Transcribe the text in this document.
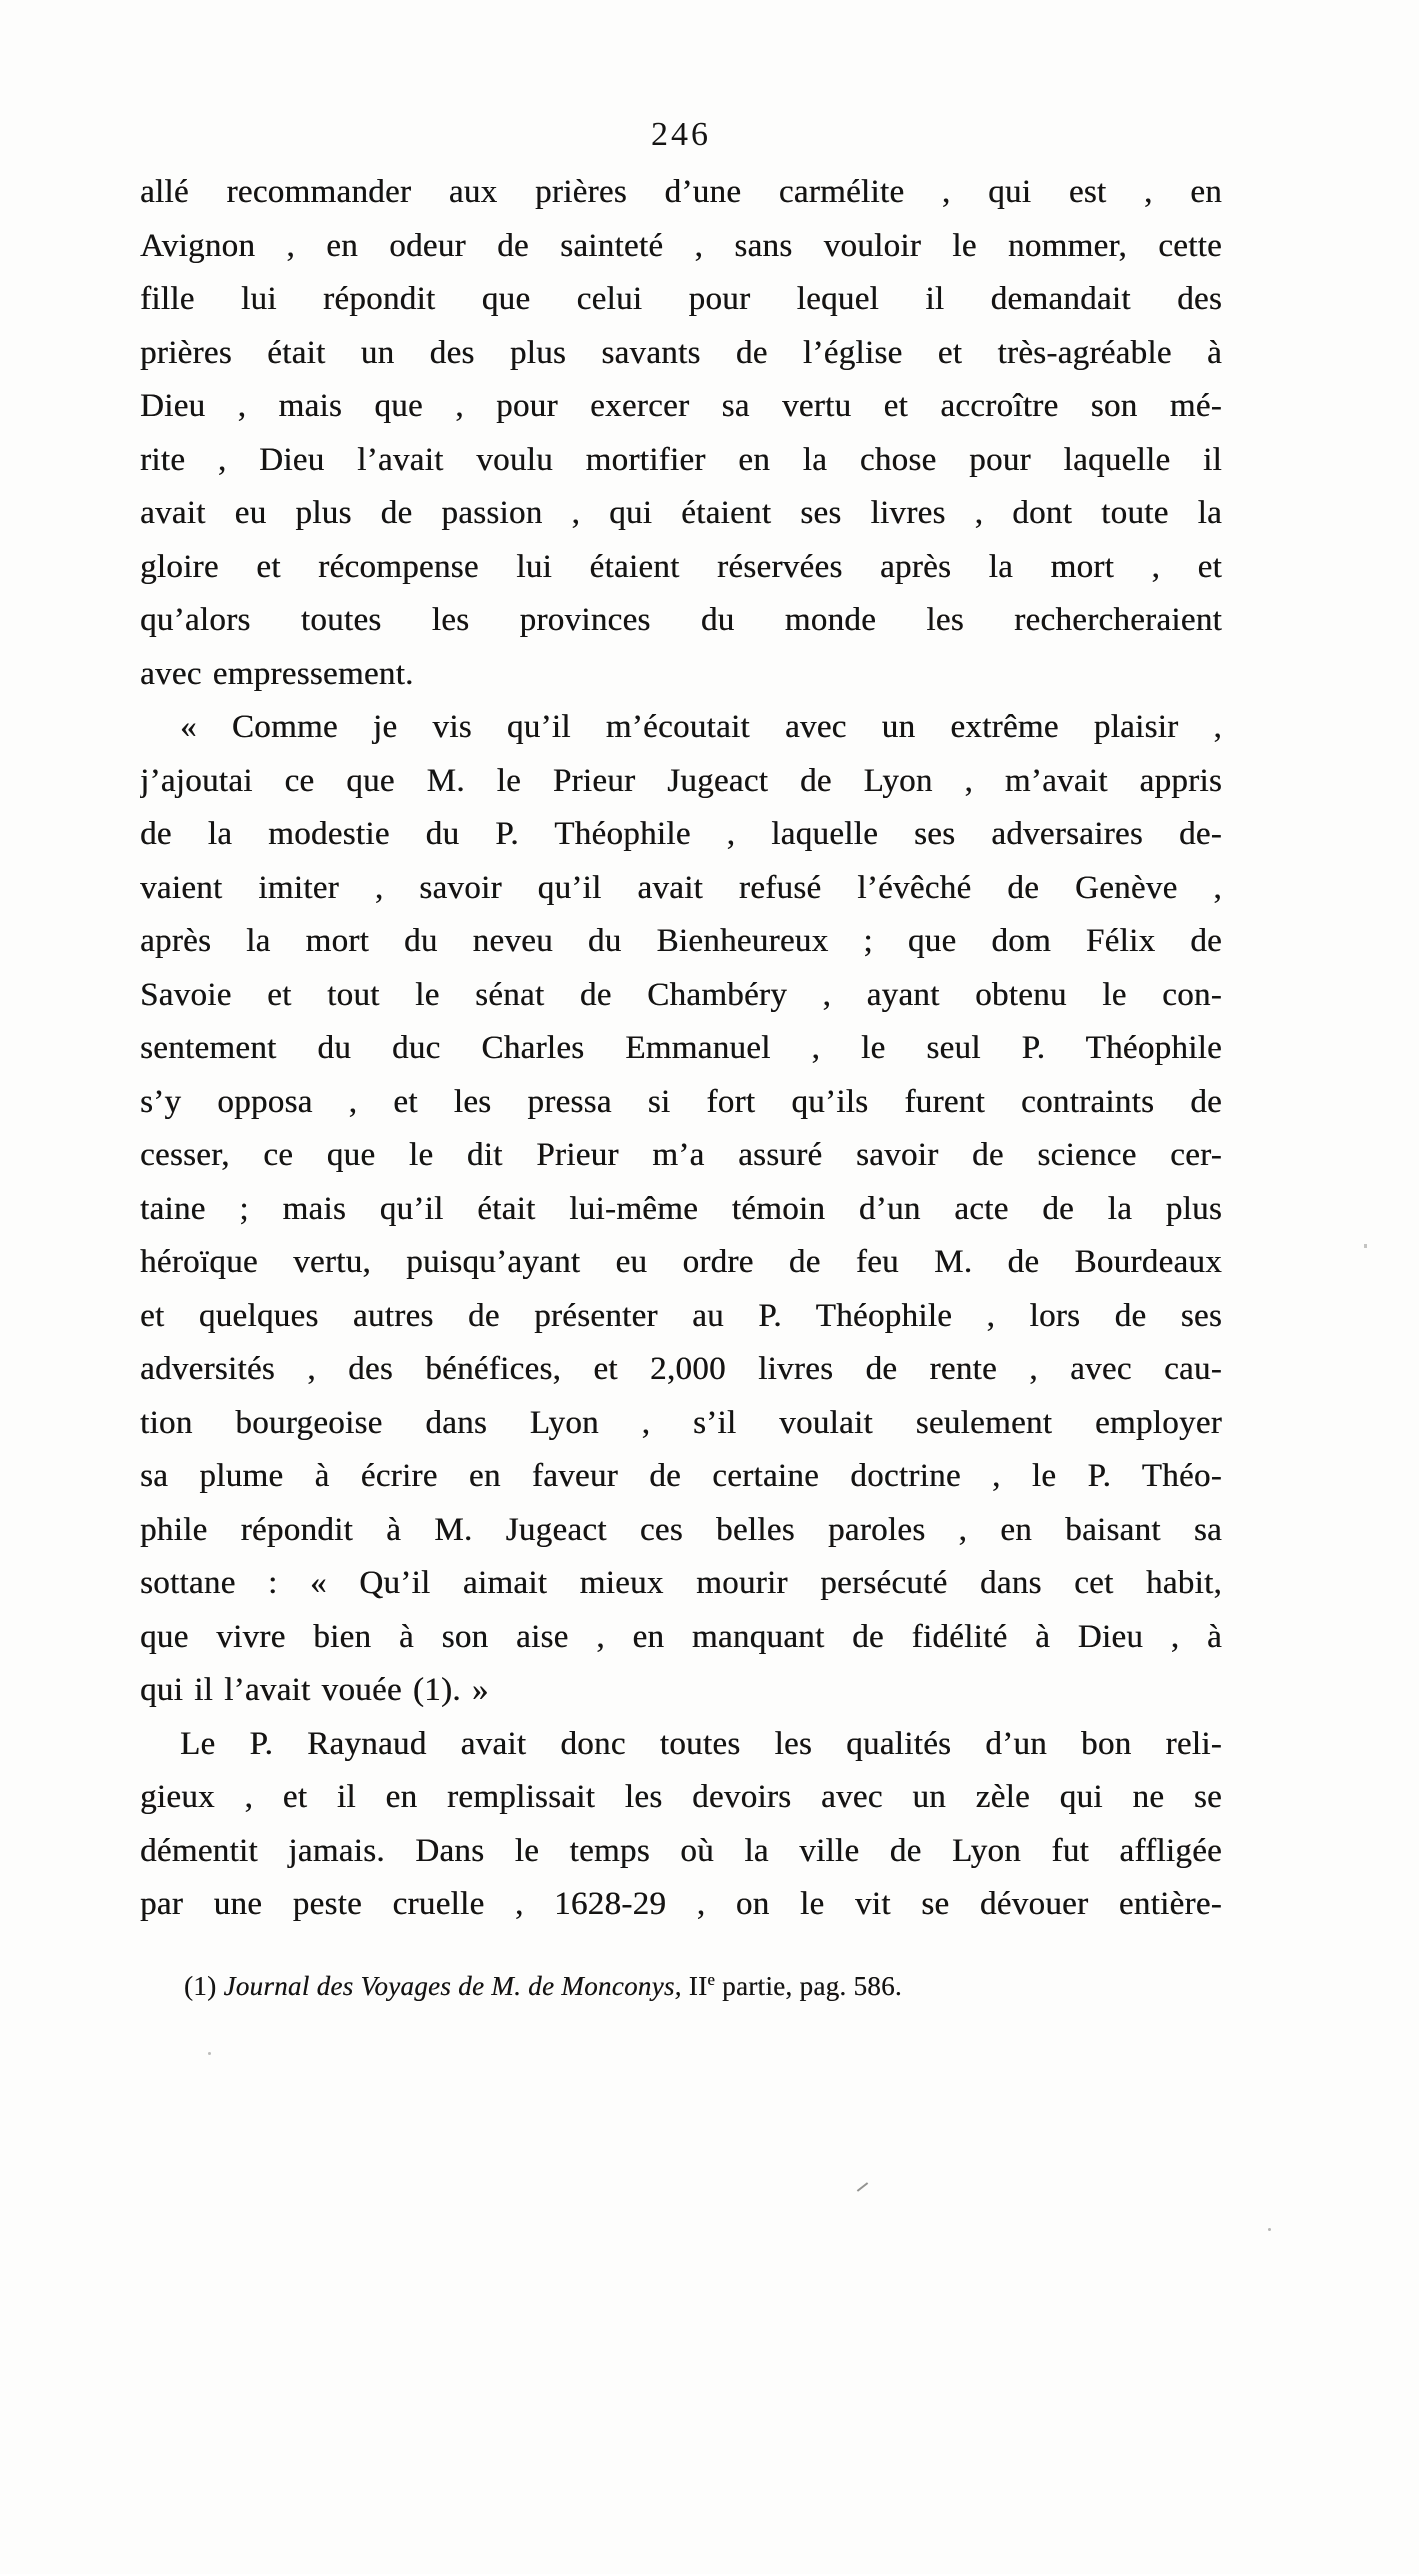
246
allé recommander aux prières d’une carmélite , qui est , en
Avignon , en odeur de sainteté , sans vouloir le nommer, cette
fille lui répondit que celui pour lequel il demandait des
prières était un des plus savants de l’église et très-agréable à
Dieu , mais que , pour exercer sa vertu et accroître son mé-
rite , Dieu l’avait voulu mortifier en la chose pour laquelle il
avait eu plus de passion , qui étaient ses livres , dont toute la
gloire et récompense lui étaient réservées après la mort , et
qu’alors toutes les provinces du monde les rechercheraient
avec empressement.
« Comme je vis qu’il m’écoutait avec un extrême plaisir ,
j’ajoutai ce que M. le Prieur Jugeact de Lyon , m’avait appris
de la modestie du P. Théophile , laquelle ses adversaires de-
vaient imiter , savoir qu’il avait refusé l’évêché de Genève ,
après la mort du neveu du Bienheureux ; que dom Félix de
Savoie et tout le sénat de Chambéry , ayant obtenu le con-
sentement du duc Charles Emmanuel , le seul P. Théophile
s’y opposa , et les pressa si fort qu’ils furent contraints de
cesser, ce que le dit Prieur m’a assuré savoir de science cer-
taine ; mais qu’il était lui-même témoin d’un acte de la plus
héroïque vertu, puisqu’ayant eu ordre de feu M. de Bourdeaux
et quelques autres de présenter au P. Théophile , lors de ses
adversités , des bénéfices, et 2,000 livres de rente , avec cau-
tion bourgeoise dans Lyon , s’il voulait seulement employer
sa plume à écrire en faveur de certaine doctrine , le P. Théo-
phile répondit à M. Jugeact ces belles paroles , en baisant sa
sottane : « Qu’il aimait mieux mourir persécuté dans cet habit,
que vivre bien à son aise , en manquant de fidélité à Dieu , à
qui il l’avait vouée (1). »
Le P. Raynaud avait donc toutes les qualités d’un bon reli-
gieux , et il en remplissait les devoirs avec un zèle qui ne se
démentit jamais. Dans le temps où la ville de Lyon fut affligée
par une peste cruelle , 1628-29 , on le vit se dévouer entière-
(1) Journal des Voyages de M. de Monconys, IIe partie, pag. 586.
